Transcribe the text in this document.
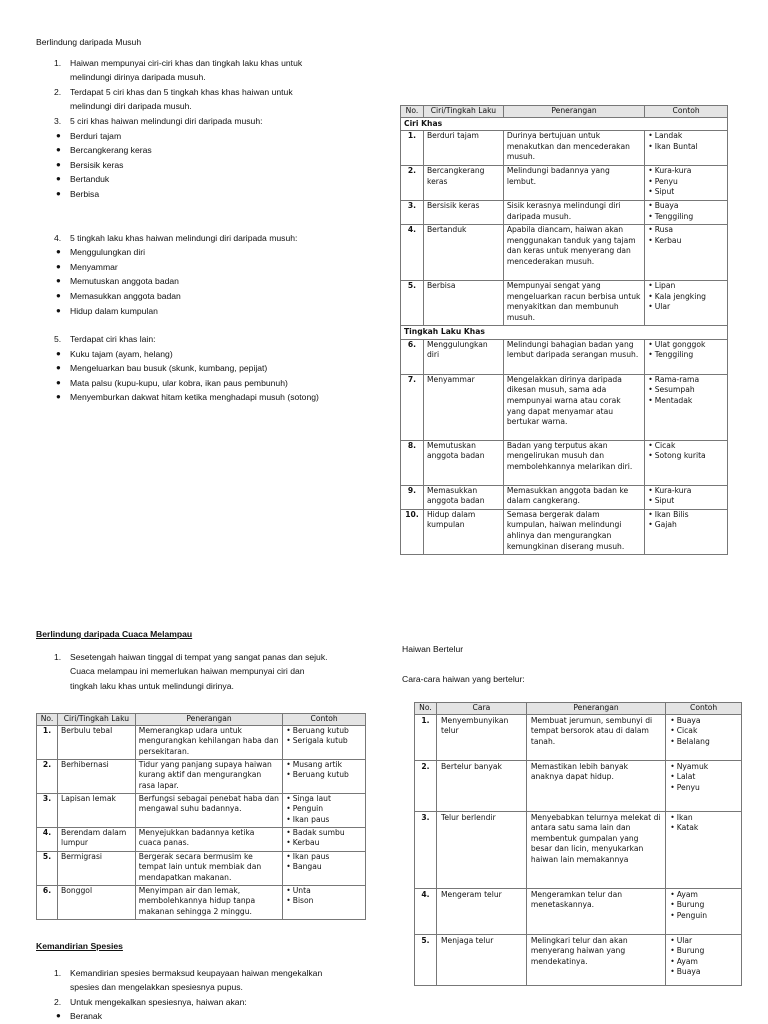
Berlindung daripada Musuh
1. Haiwan mempunyai ciri-ciri khas dan tingkah laku khas untuk
melindungi dirinya daripada musuh.
2. Terdapat 5 ciri khas dan 5 tingkah khas khas haiwan untuk
melindungi diri daripada musuh.
3. 5 ciri khas haiwan melindungi diri daripada musuh:
● Berduri tajam
● Bercangkerang keras
● Bersisik keras
● Bertanduk
● Berbisa
4. 5 tingkah laku khas haiwan melindungi diri daripada musuh:
● Menggulungkan diri
● Menyammar
● Memutuskan anggota badan
● Memasukkan anggota badan
● Hidup dalam kumpulan
5. Terdapat ciri khas lain:
● Kuku tajam (ayam, helang)
● Mengeluarkan bau busuk (skunk, kumbang, pepijat)
● Mata palsu (kupu-kupu, ular kobra, ikan paus pembunuh)
● Menyemburkan dakwat hitam ketika menghadapi musuh (sotong)
No.	Ciri/Tingkah Laku	Penerangan	Contoh
Ciri Khas			
1.	Berduri tajam	Durinya bertujuan untuk menakutkan dan mencederakan musuh.	• Landak
• Ikan Buntal

2.	Bercangkerang keras	Melindungi badannya yang lembut.	• Kura-kura
• Penyu
• Siput

3.	Bersisik keras	Sisik kerasnya melindungi diri daripada musuh.	• Buaya
• Tenggiling

4.	Bertanduk	Apabila diancam, haiwan akan menggunakan tanduk yang tajam dan keras untuk menyerang dan mencederakan musuh.	• Rusa
• Kerbau

5.	Berbisa	Mempunyai sengat yang mengeluarkan racun berbisa untuk menyakitkan dan membunuh musuh.	• Lipan
• Kala jengking
• Ular

Tingkah Laku Khas			
6.	Menggulungkan diri	Melindungi bahagian badan yang lembut daripada serangan musuh.	• Ulat gonggok
• Tenggiling

7.	Menyammar	Mengelakkan dirinya daripada dikesan musuh, sama ada mempunyai warna atau corak yang dapat menyamar atau bertukar warna.	• Rama-rama
• Sesumpah
• Mentadak

8.	Memutuskan anggota badan	Badan yang terputus akan mengelirukan musuh dan membolehkannya melarikan diri.	• Cicak
• Sotong kurita

9.	Memasukkan anggota badan	Memasukkan anggota badan ke dalam cangkerang.	• Kura-kura
• Siput

10.	Hidup dalam kumpulan	Semasa bergerak dalam kumpulan, haiwan melindungi ahlinya dan mengurangkan kemungkinan diserang musuh.	• Ikan Bilis
• Gajah
Berlindung daripada Cuaca Melampau
1. Sesetengah haiwan tinggal di tempat yang sangat panas dan sejuk.
Cuaca melampau ini memerlukan haiwan mempunyai ciri dan
tingkah laku khas untuk melindungi dirinya.
No.	Ciri/Tingkah Laku	Penerangan	Contoh
1.	Berbulu tebal	Memerangkap udara untuk mengurangkan kehilangan haba dan persekitaran.	• Beruang kutub
• Serigala kutub

2.	Berhibernasi	Tidur yang panjang supaya haiwan kurang aktif dan mengurangkan rasa lapar.	• Musang artik
• Beruang kutub

3.	Lapisan lemak	Berfungsi sebagai penebat haba dan mengawal suhu badannya.	• Singa laut
• Penguin
• Ikan paus

4.	Berendam dalam lumpur	Menyejukkan badannya ketika cuaca panas.	• Badak sumbu
• Kerbau

5.	Bermigrasi	Bergerak secara bermusim ke tempat lain untuk membiak dan mendapatkan makanan.	• Ikan paus
• Bangau

6.	Bonggol	Menyimpan air dan lemak, membolehkannya hidup tanpa makanan sehingga 2 minggu.	• Unta
• Bison
Kemandirian Spesies
1. Kemandirian spesies bermaksud keupayaan haiwan mengekalkan
spesies dan mengelakkan spesiesnya pupus.
2. Untuk mengekalkan spesiesnya, haiwan akan:
● Beranak
Haiwan Bertelur
Cara-cara haiwan yang bertelur:
No.	Cara	Penerangan	Contoh
1.	Menyembunyikan telur	Membuat jerumun, sembunyi di tempat bersorok atau di dalam tanah.	• Buaya
• Cicak
• Belalang

2.	Bertelur banyak	Memastikan lebih banyak anaknya dapat hidup.	• Nyamuk
• Lalat
• Penyu

3.	Telur berlendir	Menyebabkan telurnya melekat di antara satu sama lain dan membentuk gumpalan yang besar dan licin, menyukarkan haiwan lain memakannya	• Ikan
• Katak

4.	Mengeram telur	Mengeramkan telur dan menetaskannya.	• Ayam
• Burung
• Penguin

5.	Menjaga telur	Melingkari telur dan akan menyerang haiwan yang mendekatinya.	• Ular
• Burung
• Ayam
• Buaya
